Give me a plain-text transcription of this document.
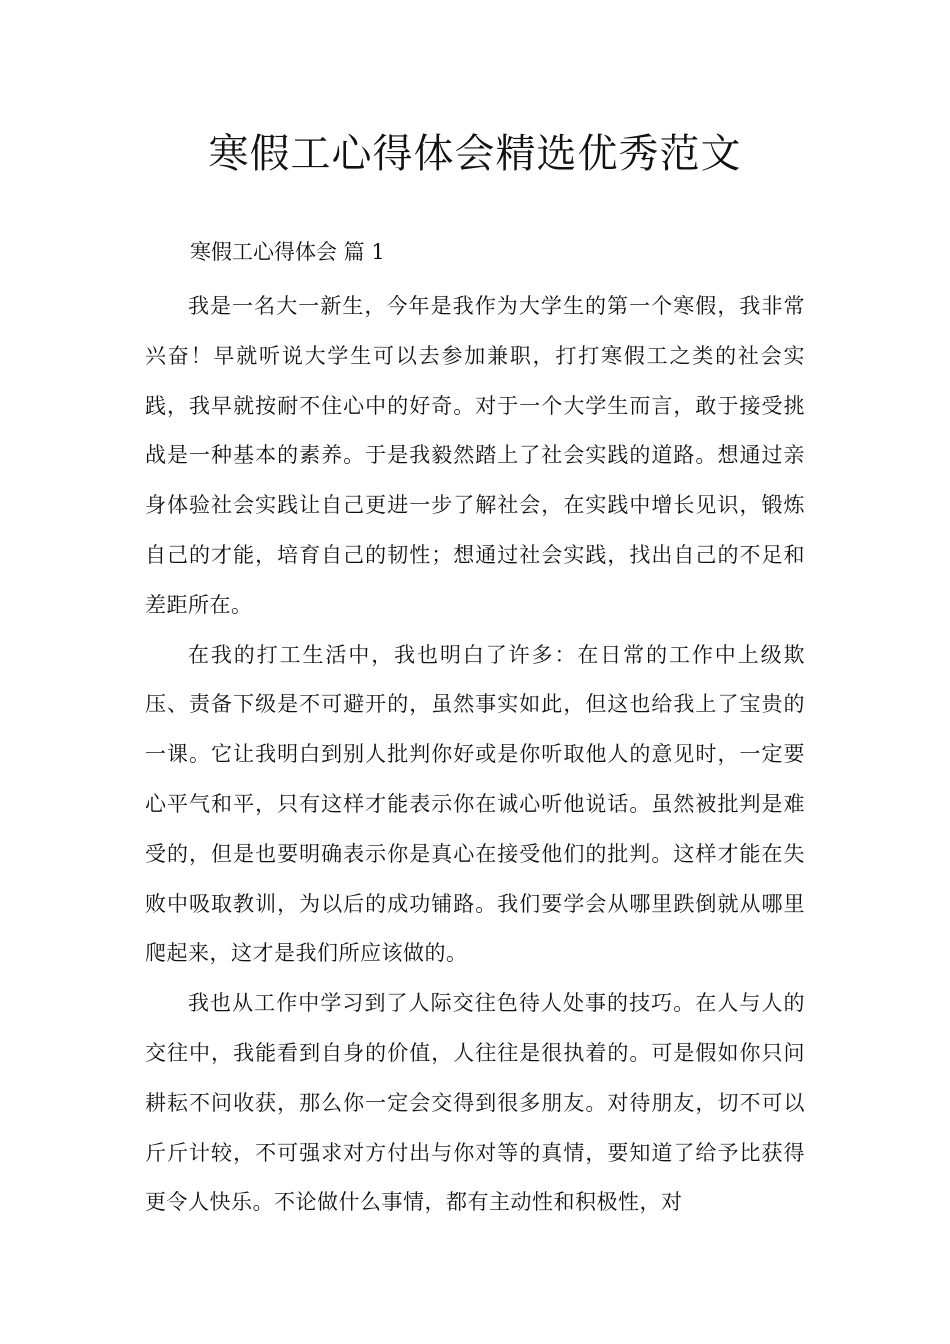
寒假工心得体会精选优秀范文

寒假工心得体会 篇 1

我是一名大一新生，今年是我作为大学生的第一个寒假，我非常兴奋！早就听说大学生可以去参加兼职，打打寒假工之类的社会实践，我早就按耐不住心中的好奇。对于一个大学生而言，敢于接受挑战是一种基本的素养。于是我毅然踏上了社会实践的道路。想通过亲身体验社会实践让自己更进一步了解社会，在实践中增长见识，锻炼自己的才能，培育自己的韧性；想通过社会实践，找出自己的不足和差距所在。

在我的打工生活中，我也明白了许多：在日常的工作中上级欺压、责备下级是不可避开的，虽然事实如此，但这也给我上了宝贵的一课。它让我明白到别人批判你好或是你听取他人的意见时，一定要心平气和平，只有这样才能表示你在诚心听他说话。虽然被批判是难受的，但是也要明确表示你是真心在接受他们的批判。这样才能在失败中吸取教训，为以后的成功铺路。我们要学会从哪里跌倒就从哪里爬起来，这才是我们所应该做的。

我也从工作中学习到了人际交往色待人处事的技巧。在人与人的交往中，我能看到自身的价值，人往往是很执着的。可是假如你只问耕耘不问收获，那么你一定会交得到很多朋友。对待朋友，切不可以斤斤计较，不可强求对方付出与你对等的真情，要知道了给予比获得更令人快乐。不论做什么事情，都有主动性和积极性，对
